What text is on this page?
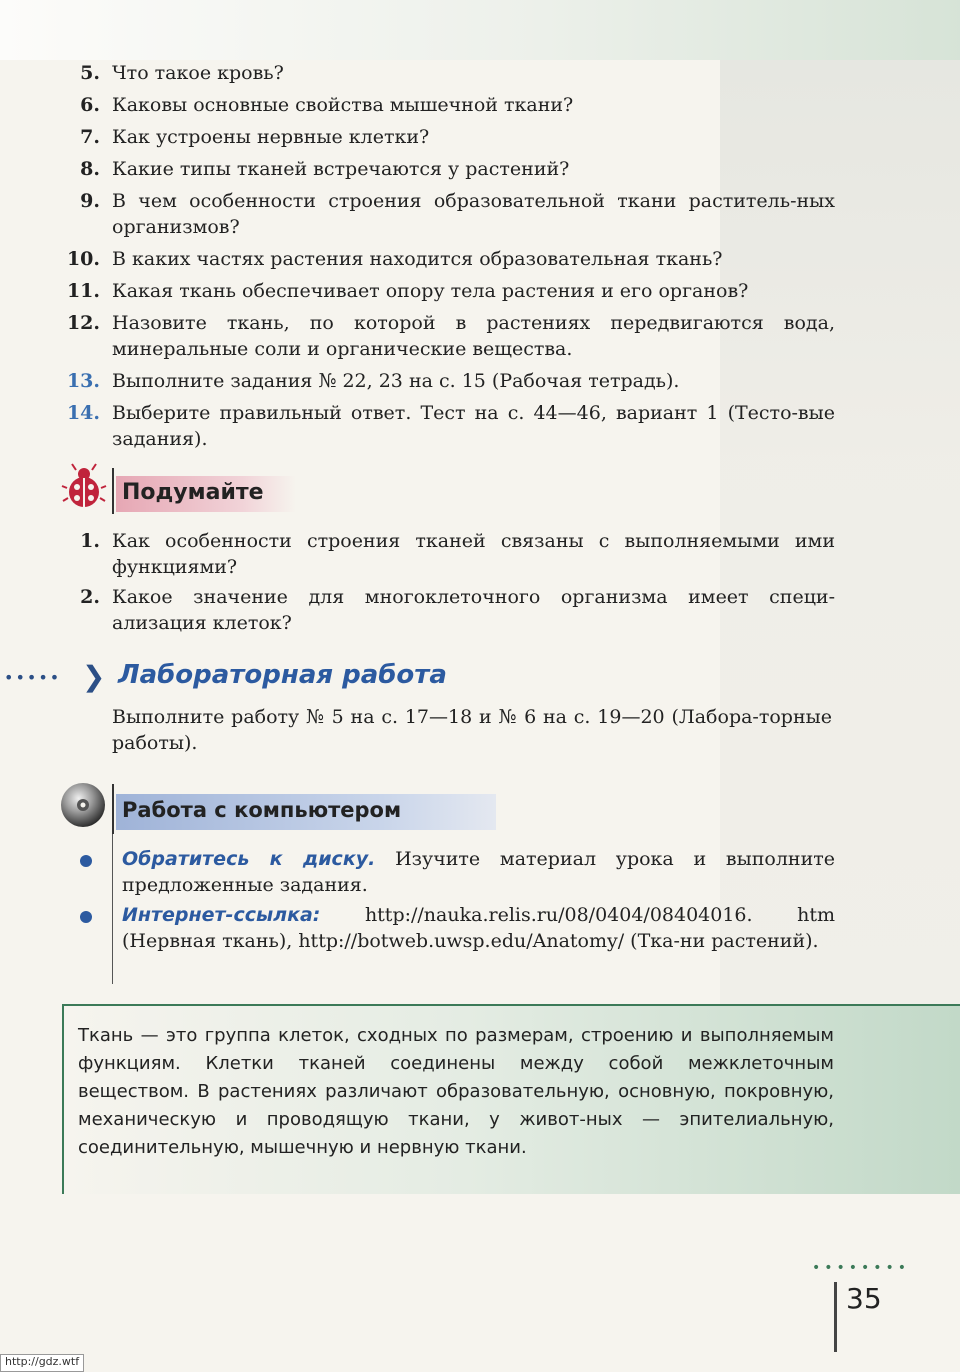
5. Что такое кровь?
6. Каковы основные свойства мышечной ткани?
7. Как устроены нервные клетки?
8. Какие типы тканей встречаются у растений?
9. В чем особенности строения образовательной ткани раститель-ных организмов?
10. В каких частях растения находится образовательная ткань?
11. Какая ткань обеспечивает опору тела растения и его органов?
12. Назовите ткань, по которой в растениях передвигаются вода, минеральные соли и органические вещества.
13. Выполните задания № 22, 23 на с. 15 (Рабочая тетрадь).
14. Выберите правильный ответ. Тест на с. 44—46, вариант 1 (Тесто-вые задания).
Подумайте
1. Как особенности строения тканей связаны с выполняемыми ими функциями?
2. Какое значение для многоклеточного организма имеет специ-ализация клеток?
••••• ❯ Лабораторная работа
Выполните работу № 5 на с. 17—18 и № 6 на с. 19—20 (Лабора-торные работы).
Работа с компьютером
Обратитесь к диску. Изучите материал урока и выполните предложенные задания.
Интернет-ссылка: http://nauka.relis.ru/08/0404/08404016. htm (Нервная ткань), http://botweb.uwsp.edu/Anatomy/ (Тка-ни растений).
Ткань — это группа клеток, сходных по размерам, строению и выполняемым функциям. Клетки тканей соединены между собой межклеточным веществом. В растениях различают образовательную, основную, покровную, механическую и проводящую ткани, у живот-ных — эпителиальную, соединительную, мышечную и нервную ткани.
••••••••
35
http://gdz.wtf
